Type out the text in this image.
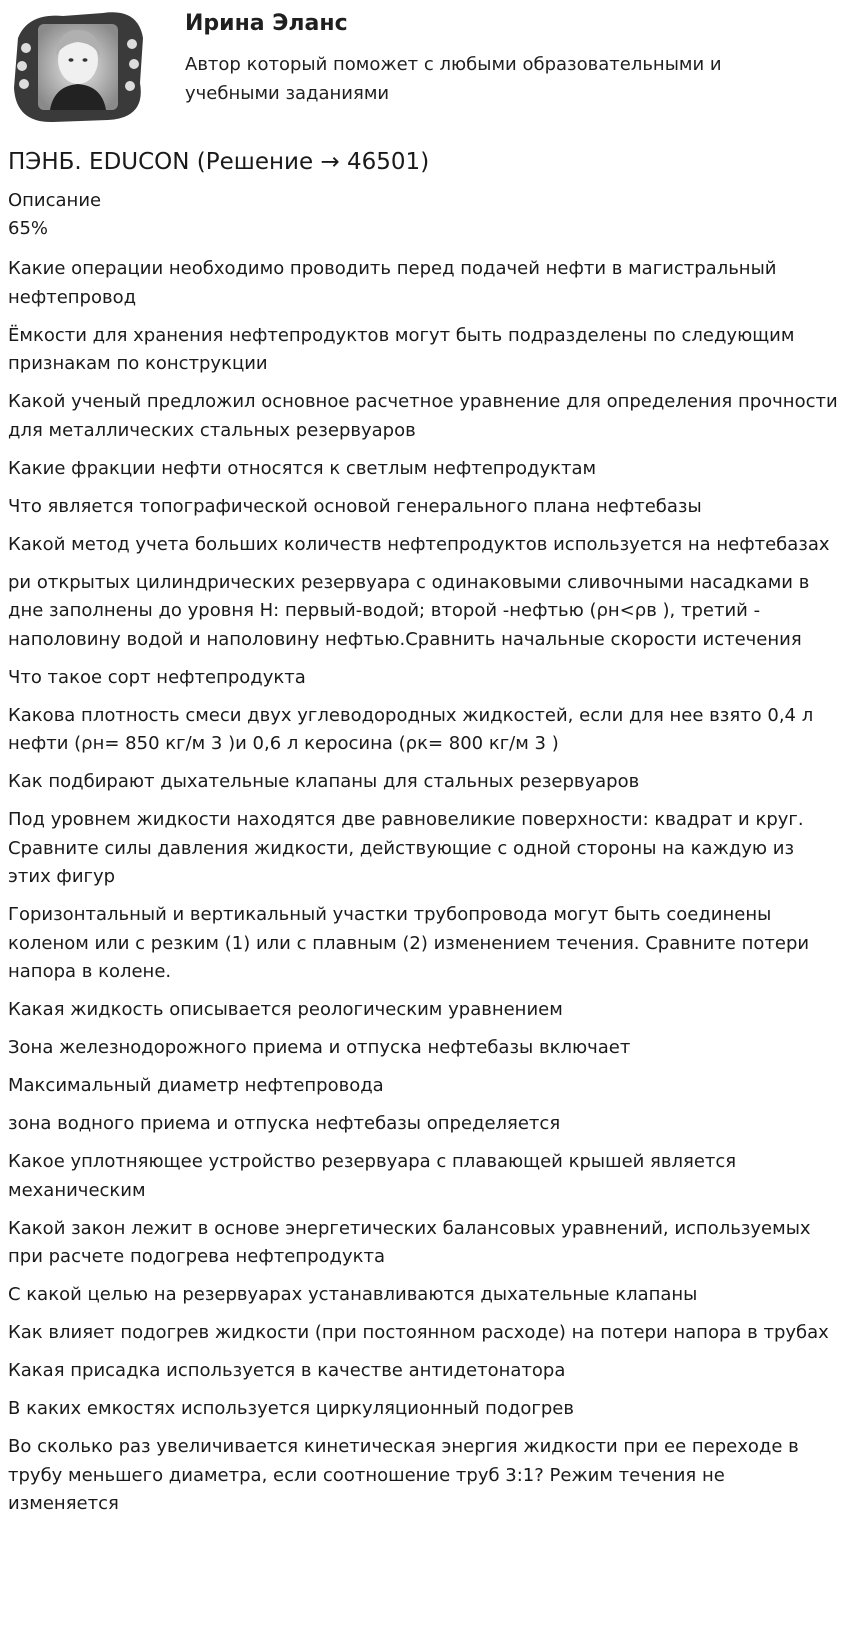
Ирина Эланс
Автор который поможет с любыми образовательными и учебными заданиями
ПЭНБ. EDUCON (Решение → 46501)
Описание
65%
Какие операции необходимо проводить перед подачей нефти в магистральный нефтепровод
Ёмкости для хранения нефтепродуктов могут быть подразделены по следующим признакам по конструкции
Какой ученый предложил основное расчетное уравнение для определения прочности для металлических стальных резервуаров
Какие фракции нефти относятся к светлым нефтепродуктам
Что является топографической основой генерального плана нефтебазы
Какой метод учета больших количеств нефтепродуктов используется на нефтебазах
ри открытых цилиндрических резервуара с одинаковыми сливочными насадками в дне заполнены до уровня Н: первый-водой; второй -нефтью (ρн<ρв ), третий - наполовину водой и наполовину нефтью.Сравнить начальные скорости истечения
Что такое сорт нефтепродукта
Какова плотность смеси двух углеводородных жидкостей, если для нее взято 0,4 л нефти (ρн= 850 кг/м 3 )и 0,6 л керосина (ρк= 800 кг/м 3 )
Как подбирают дыхательные клапаны для стальных резервуаров
Под уровнем жидкости находятся две равновеликие поверхности: квадрат и круг. Сравните силы давления жидкости, действующие с одной стороны на каждую из этих фигур
Горизонтальный и вертикальный участки трубопровода могут быть соединены коленом или с резким (1) или с плавным (2) изменением течения. Сравните потери напора в колене.
Какая жидкость описывается реологическим уравнением
Зона железнодорожного приема и отпуска нефтебазы включает
Максимальный диаметр нефтепровода
зона водного приема и отпуска нефтебазы определяется
Какое уплотняющее устройство резервуара с плавающей крышей является механическим
Какой закон лежит в основе энергетических балансовых уравнений, используемых при расчете подогрева нефтепродукта
С какой целью на резервуарах устанавливаются дыхательные клапаны
Как влияет подогрев жидкости (при постоянном расходе) на потери напора в трубах
Какая присадка используется в качестве антидетонатора
В каких емкостях используется циркуляционный подогрев
Во сколько раз увеличивается кинетическая энергия жидкости при ее переходе в трубу меньшего диаметра, если соотношение труб 3:1? Режим течения не изменяется
